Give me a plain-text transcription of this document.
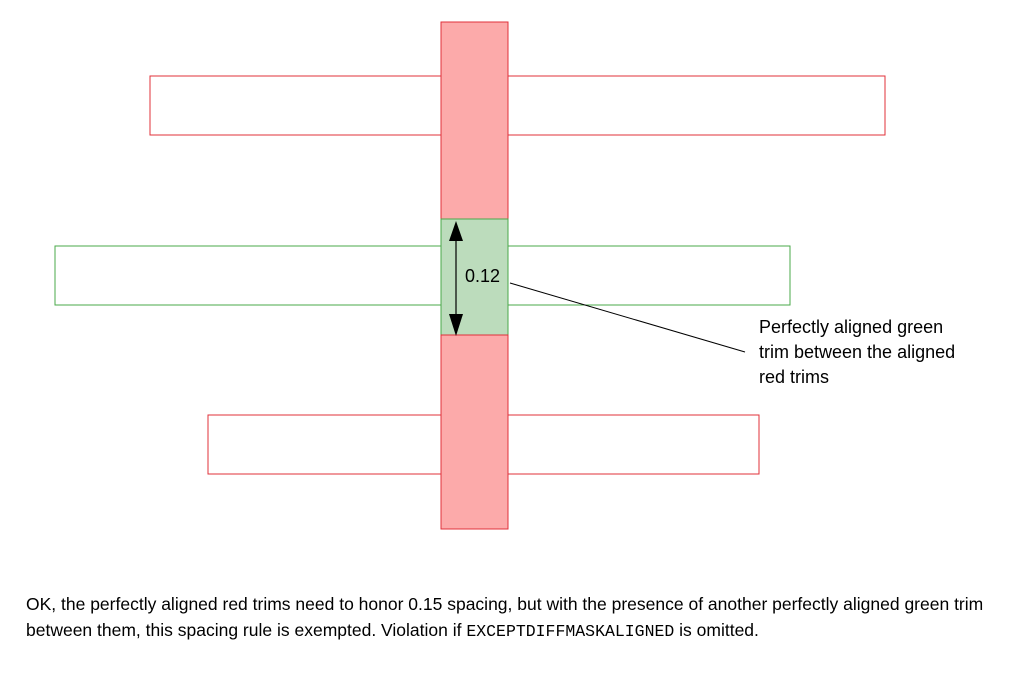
0.12
Perfectly aligned green trim between the aligned red trims
OK, the perfectly aligned red trims need to honor 0.15 spacing, but with the presence of another perfectly aligned green trim between them, this spacing rule is exempted. Violation if EXCEPTDIFFMASKALIGNED is omitted.
